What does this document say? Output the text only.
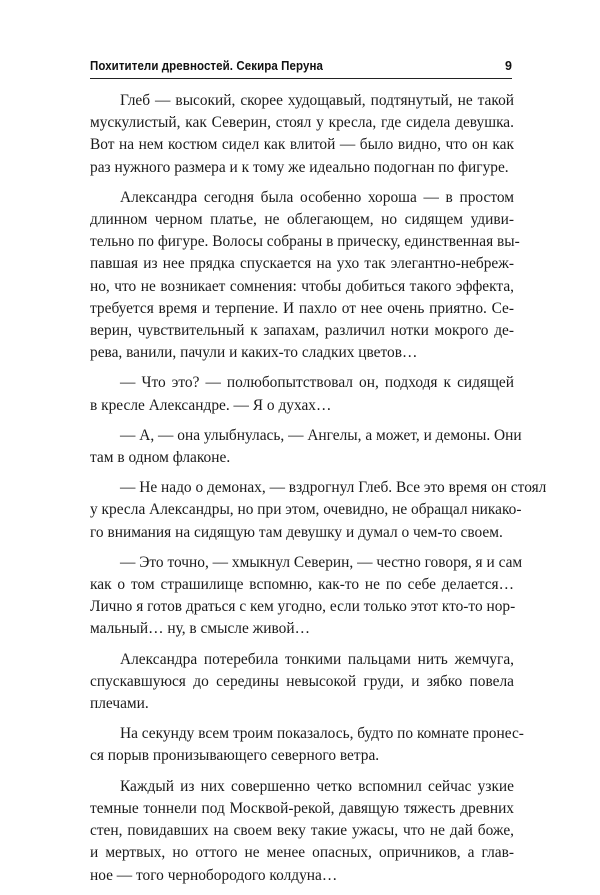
Похитители древностей. Секира Перуна	9

Глеб — высокий, скорее худощавый, подтянутый, не такой
мускулистый, как Северин, стоял у кресла, где сидела девушка.
Вот на нем костюм сидел как влитой — было видно, что он как
раз нужного размера и к тому же идеально подогнан по фигуре.

Александра сегодня была особенно хороша — в простом
длинном черном платье, не облегающем, но сидящем удиви-
тельно по фигуре. Волосы собраны в прическу, единственная вы-
павшая из нее прядка спускается на ухо так элегантно-небреж-
но, что не возникает сомнения: чтобы добиться такого эффекта,
требуется время и терпение. И пахло от нее очень приятно. Се-
верин, чувствительный к запахам, различил нотки мокрого де-
рева, ванили, пачули и каких-то сладких цветов…

— Что это? — полюбопытствовал он, подходя к сидящей
в кресле Александре. — Я о духах…

— А, — она улыбнулась, — Ангелы, а может, и демоны. Они
там в одном флаконе.

— Не надо о демонах, — вздрогнул Глеб. Все это время он стоял
у кресла Александры, но при этом, очевидно, не обращал никако-
го внимания на сидящую там девушку и думал о чем-то своем.

— Это точно, — хмыкнул Северин, — честно говоря, я и сам
как о том страшилище вспомню, как-то не по себе делается…
Лично я готов драться с кем угодно, если только этот кто-то нор-
мальный… ну, в смысле живой…

Александра потеребила тонкими пальцами нить жемчуга,
спускавшуюся до середины невысокой груди, и зябко повела
плечами.

На секунду всем троим показалось, будто по комнате пронес-
ся порыв пронизывающего северного ветра.

Каждый из них совершенно четко вспомнил сейчас узкие
темные тоннели под Москвой-рекой, давящую тяжесть древних
стен, повидавших на своем веку такие ужасы, что не дай боже,
и мертвых, но оттого не менее опасных, опричников, а глав-
ное — того чернобородого колдуна…
